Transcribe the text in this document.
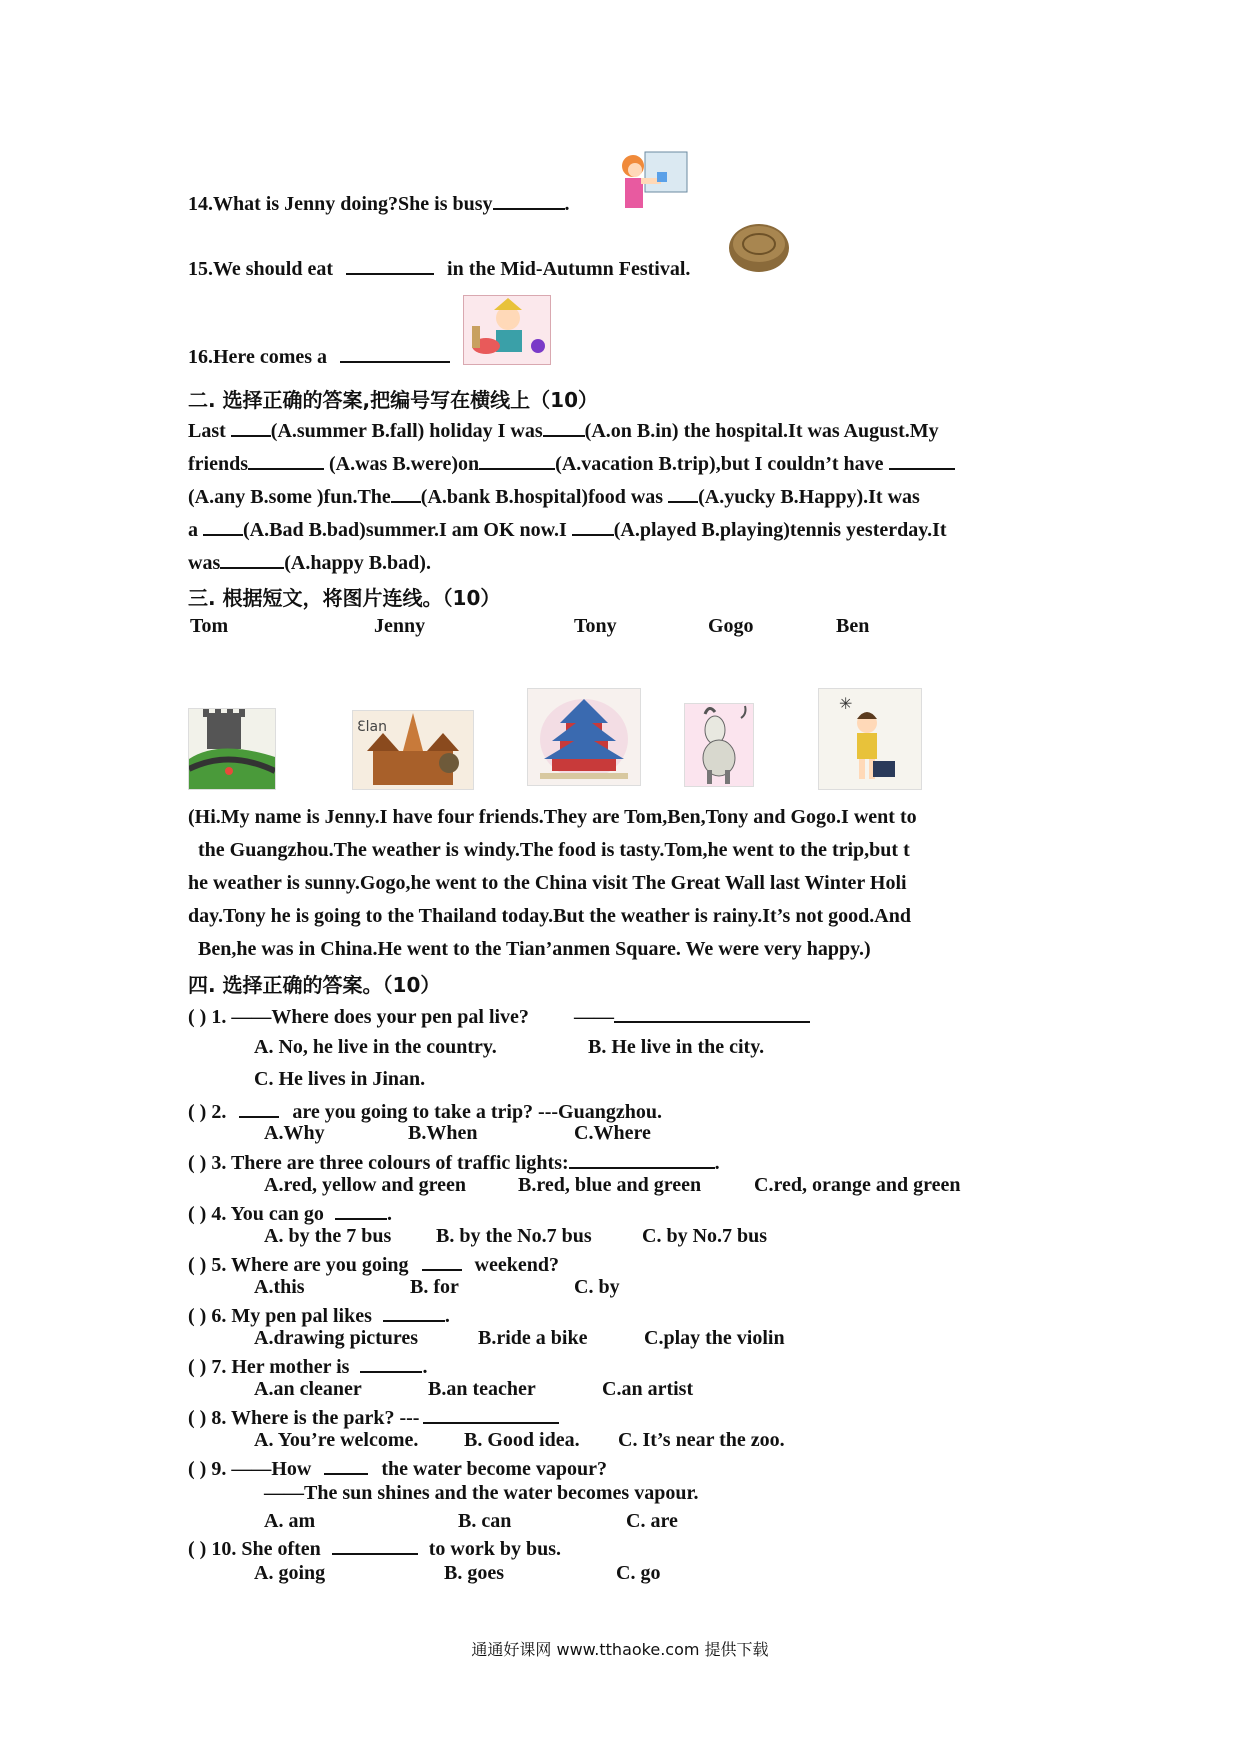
14.What is Jenny doing?She is busy	.
15.We should eat	in the Mid-Autumn Festival.
16.Here comes a
二. 选择正确的答案,把编号写在横线上（10）
Last (A.summer B.fall) holiday I was (A.on B.in) the hospital.It was August.My
friends	(A.was B.were)on	(A.vacation B.trip),but I couldn’t have
(A.any B.some )fun.The (A.bank B.hospital)food was (A.yucky B.Happy).It was
a (A.Bad B.bad)summer.I am OK now.I (A.played B.playing)tennis yesterday.It
was	(A.happy B.bad).
三. 根据短文，将图片连线。（10）
Tom	Jenny	Tony	Gogo	Ben
Ɛlan
✳
(Hi.My name is Jenny.I have four friends.They are Tom,Ben,Tony and Gogo.I went to
the Guangzhou.The weather is windy.The food is tasty.Tom,he went to the trip,but t
he weather is sunny.Gogo,he went to the China visit The Great Wall last Winter Holi
day.Tony he is going to the Thailand today.But the weather is rainy.It’s not good.And
Ben,he was in China.He went to the Tian’anmen Square. We were very happy.)
四. 选择正确的答案。（10）
( ) 1. ——Where does your pen pal live? ——
A. No, he live in the country.	B. He live in the city.
C. He lives in Jinan.
( ) 2.	are you going to take a trip? ---Guangzhou.
A.Why	B.When	C.Where
( ) 3. There are three colours of traffic lights:	.
A.red, yellow and green	B.red, blue and green	C.red, orange and green
( ) 4. You can go	.
A. by the 7 bus B. by the No.7 bus	C. by No.7 bus
( ) 5. Where are you going	weekend?
A.this	B. for	C. by
( ) 6. My pen pal likes	.
A.drawing pictures	B.ride a bike	C.play the violin
( ) 7. Her mother is	.
A.an cleaner	B.an teacher	C.an artist
( ) 8. Where is the park? ---
A. You’re welcome. B. Good idea. C. It’s near the zoo.
( ) 9. ——How	the water become vapour?
——The sun shines and the water becomes vapour.
A. am	B. can	C. are
( ) 10. She often	to work by bus.
A. going	B. goes	C. go
通通好课网 www.tthaoke.com 提供下载
